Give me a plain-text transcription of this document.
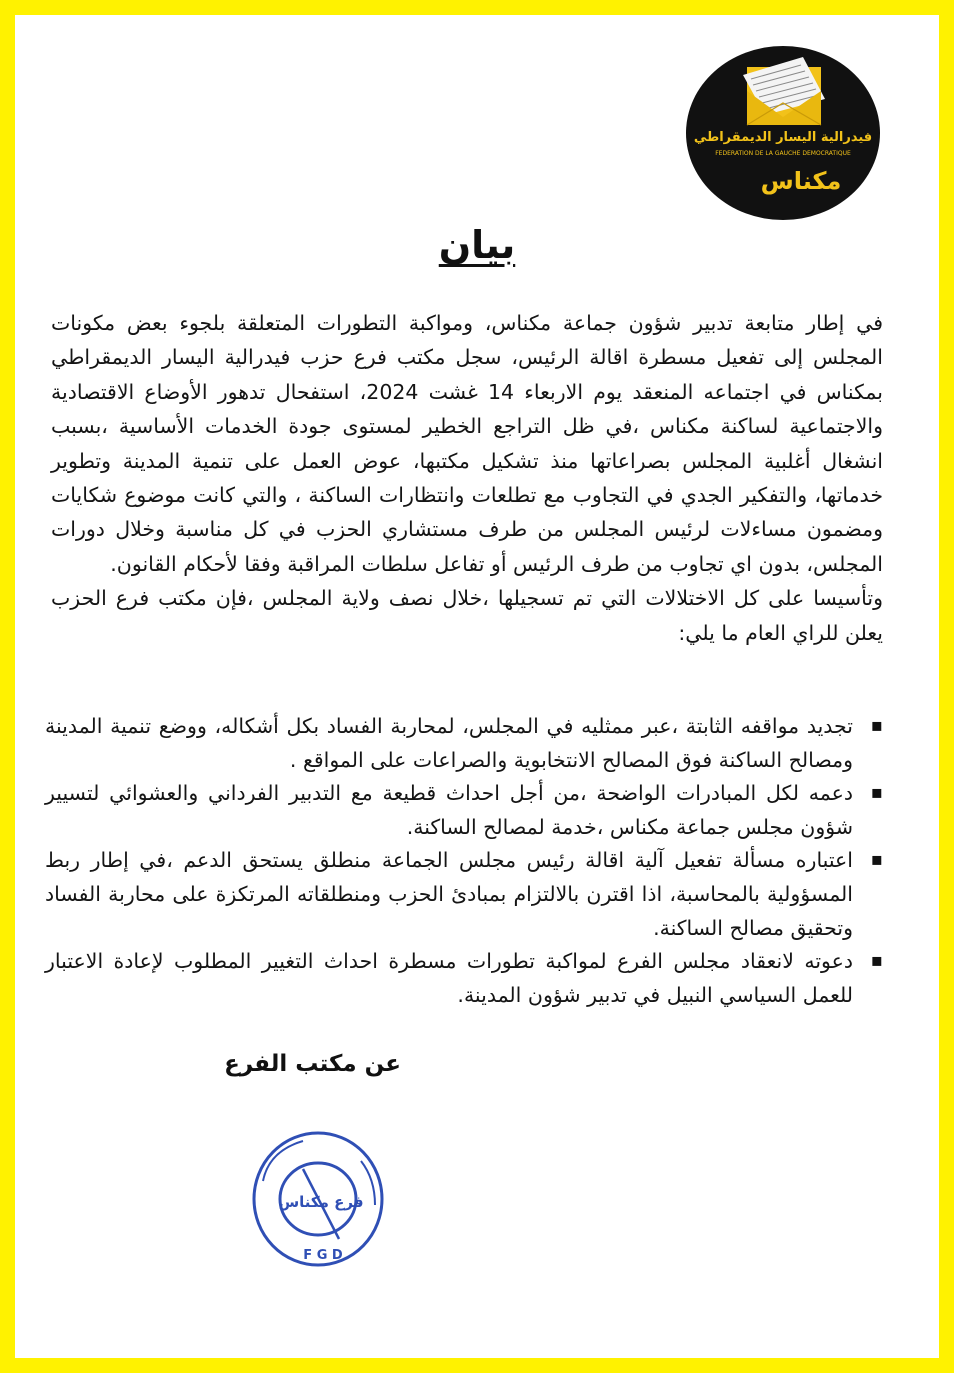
فيدرالية اليسار الديمقراطي
FEDERATION DE LA GAUCHE DEMOCRATIQUE
مكناس
بيان

في إطار متابعة تدبير شؤون جماعة مكناس، ومواكبة التطورات المتعلقة بلجوء بعض مكونات المجلس إلى تفعيل مسطرة اقالة الرئيس، سجل مكتب فرع حزب فيدرالية اليسار الديمقراطي بمكناس في اجتماعه المنعقد يوم الاربعاء 14 غشت 2024، استفحال تدهور الأوضاع الاقتصادية والاجتماعية لساكنة مكناس ،في ظل التراجع الخطير لمستوى جودة الخدمات الأساسية ،بسبب انشغال أغلبية المجلس بصراعاتها منذ تشكيل مكتبها، عوض العمل على تنمية المدينة وتطوير خدماتها، والتفكير الجدي في التجاوب مع تطلعات وانتظارات الساكنة ، والتي كانت موضوع شكايات ومضمون مساءلات لرئيس المجلس من طرف مستشاري الحزب في كل مناسبة وخلال دورات المجلس، بدون اي تجاوب من طرف الرئيس أو تفاعل سلطات المراقبة وفقا لأحكام القانون.

وتأسيسا على كل الاختلالات التي تم تسجيلها ،خلال نصف ولاية المجلس ،فإن مكتب فرع الحزب يعلن للراي العام ما يلي:

▪ تجديد مواقفه الثابتة ،عبر ممثليه في المجلس، لمحاربة الفساد بكل أشكاله، ووضع تنمية المدينة ومصالح الساكنة فوق المصالح الانتخابوية والصراعات على المواقع .
▪ دعمه لكل المبادرات الواضحة ،من أجل احداث قطيعة مع التدبير الفرداني والعشوائي لتسيير شؤون مجلس جماعة مكناس ،خدمة لمصالح الساكنة.
▪ اعتباره مسألة تفعيل آلية اقالة رئيس مجلس الجماعة منطلق يستحق الدعم ،في إطار ربط المسؤولية بالمحاسبة، اذا اقترن بالالتزام بمبادئ الحزب ومنطلقاته المرتكزة على محاربة الفساد وتحقيق مصالح الساكنة.
▪ دعوته لانعقاد مجلس الفرع لمواكبة تطورات مسطرة احداث التغيير المطلوب لإعادة الاعتبار للعمل السياسي النبيل في تدبير شؤون المدينة.
عن مكتب الفرع
فرع مكناس
F G D
